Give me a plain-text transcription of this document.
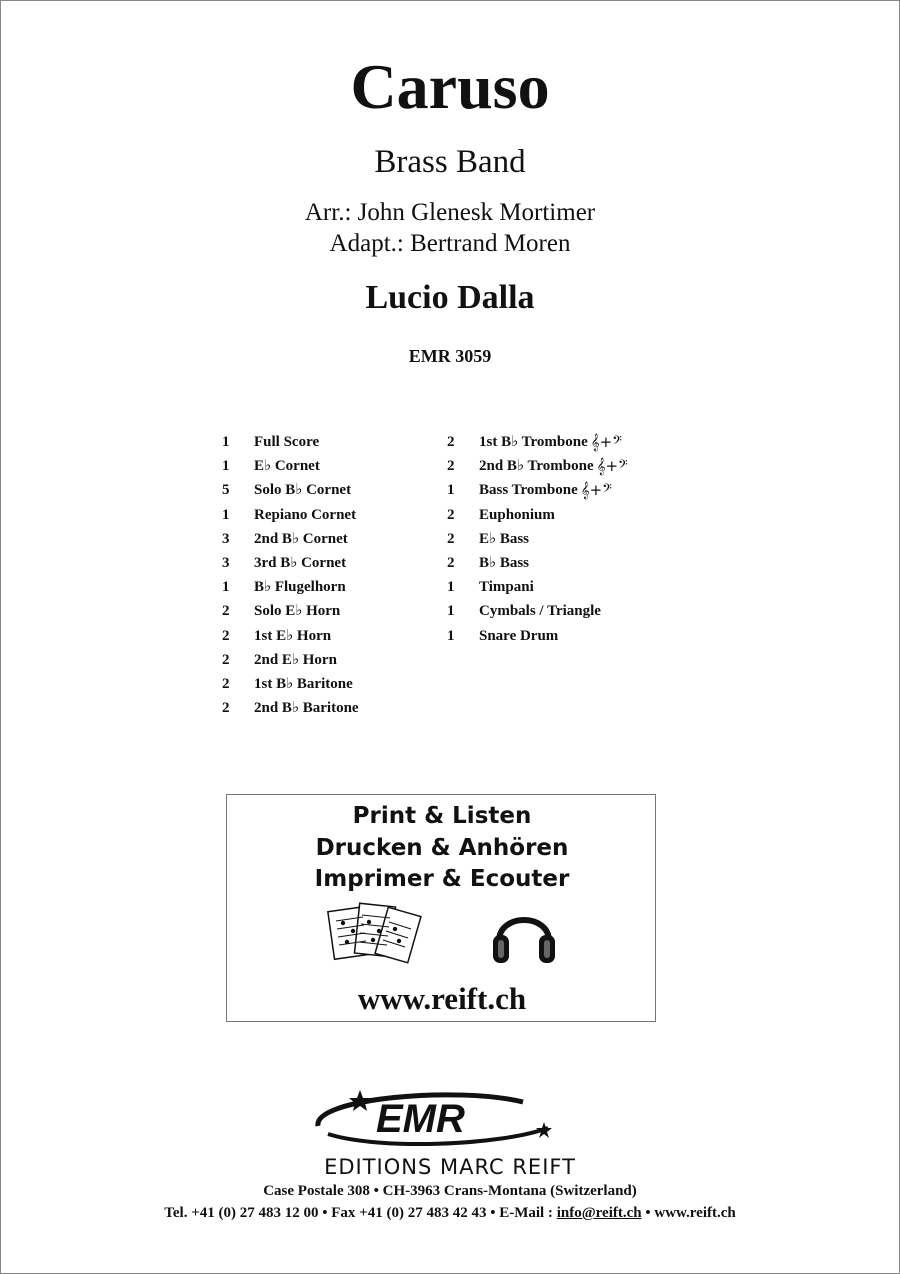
Caruso
Brass Band
Arr.: John Glenesk Mortimer
Adapt.: Bertrand Moren
Lucio Dalla
EMR 3059
1	Full Score
1	E♭ Cornet
5	Solo B♭ Cornet
1	Repiano Cornet
3	2nd B♭ Cornet
3	3rd B♭ Cornet
1	B♭ Flugelhorn
2	Solo E♭ Horn
2	1st E♭ Horn
2	2nd E♭ Horn
2	1st B♭ Baritone
2	2nd B♭ Baritone
2	1st B♭ Trombone 𝄞+𝄢
2	2nd B♭ Trombone 𝄞+𝄢
1	Bass Trombone 𝄞+𝄢
2	Euphonium
2	E♭ Bass
2	B♭ Bass
1	Timpani
1	Cymbals / Triangle
1	Snare Drum
Print & Listen
Drucken & Anhören
Imprimer & Ecouter
www.reift.ch
EMR
EDITIONS MARC REIFT
Case Postale 308 • CH-3963 Crans-Montana (Switzerland)
Tel. +41 (0) 27 483 12 00 • Fax +41 (0) 27 483 42 43 • E-Mail : info@reift.ch • www.reift.ch
